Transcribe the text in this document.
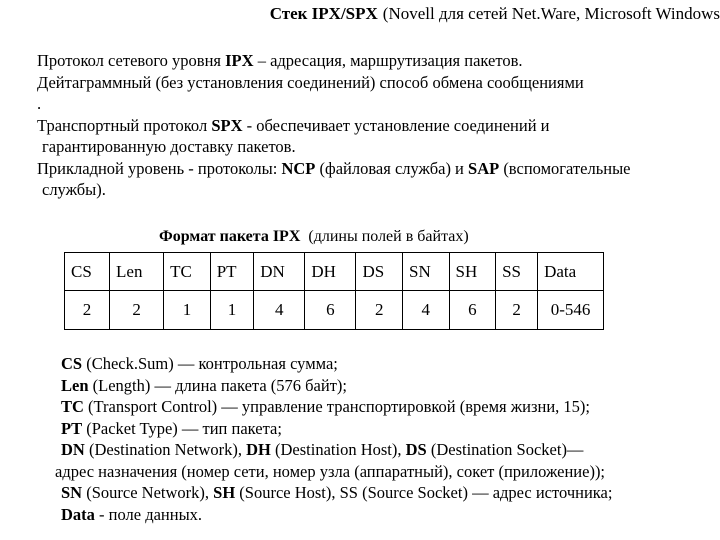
Стек IPX/SPX (Novell для сетей Net.Ware, Microsoft Windows

Протокол сетевого уровня IPX – адресация, маршрутизация пакетов.

Дейтаграммный (без установления соединений) способ обмена сообщениями

.

Транспортный протокол SPX - обеспечивает установление соединений и

гарантированную доставку пакетов.

Прикладной уровень - протоколы: NCP (файловая служба) и SAP (вспомогательные

службы).

Формат пакета IPX (длины полей в байтах)
CS	Len	TC	PT	DN	DH	DS	SN	SH	SS	Data
2	2	1	1	4	6	2	4	6	2	0-546

CS (Check.Sum) — контрольная сумма;

Len (Length) — длина пакета (576 байт);

TC (Transport Control) — управление транспортировкой (время жизни, 15);

PT (Packet Type) — тип пакета;

DN (Destination Network), DH (Destination Host), DS (Destination Socket)—

адрес назначения (номер сети, номер узла (аппаратный), сокет (приложение));

SN (Source Network), SH (Source Host), SS (Source Socket) — адрес источника;

Data - поле данных.
